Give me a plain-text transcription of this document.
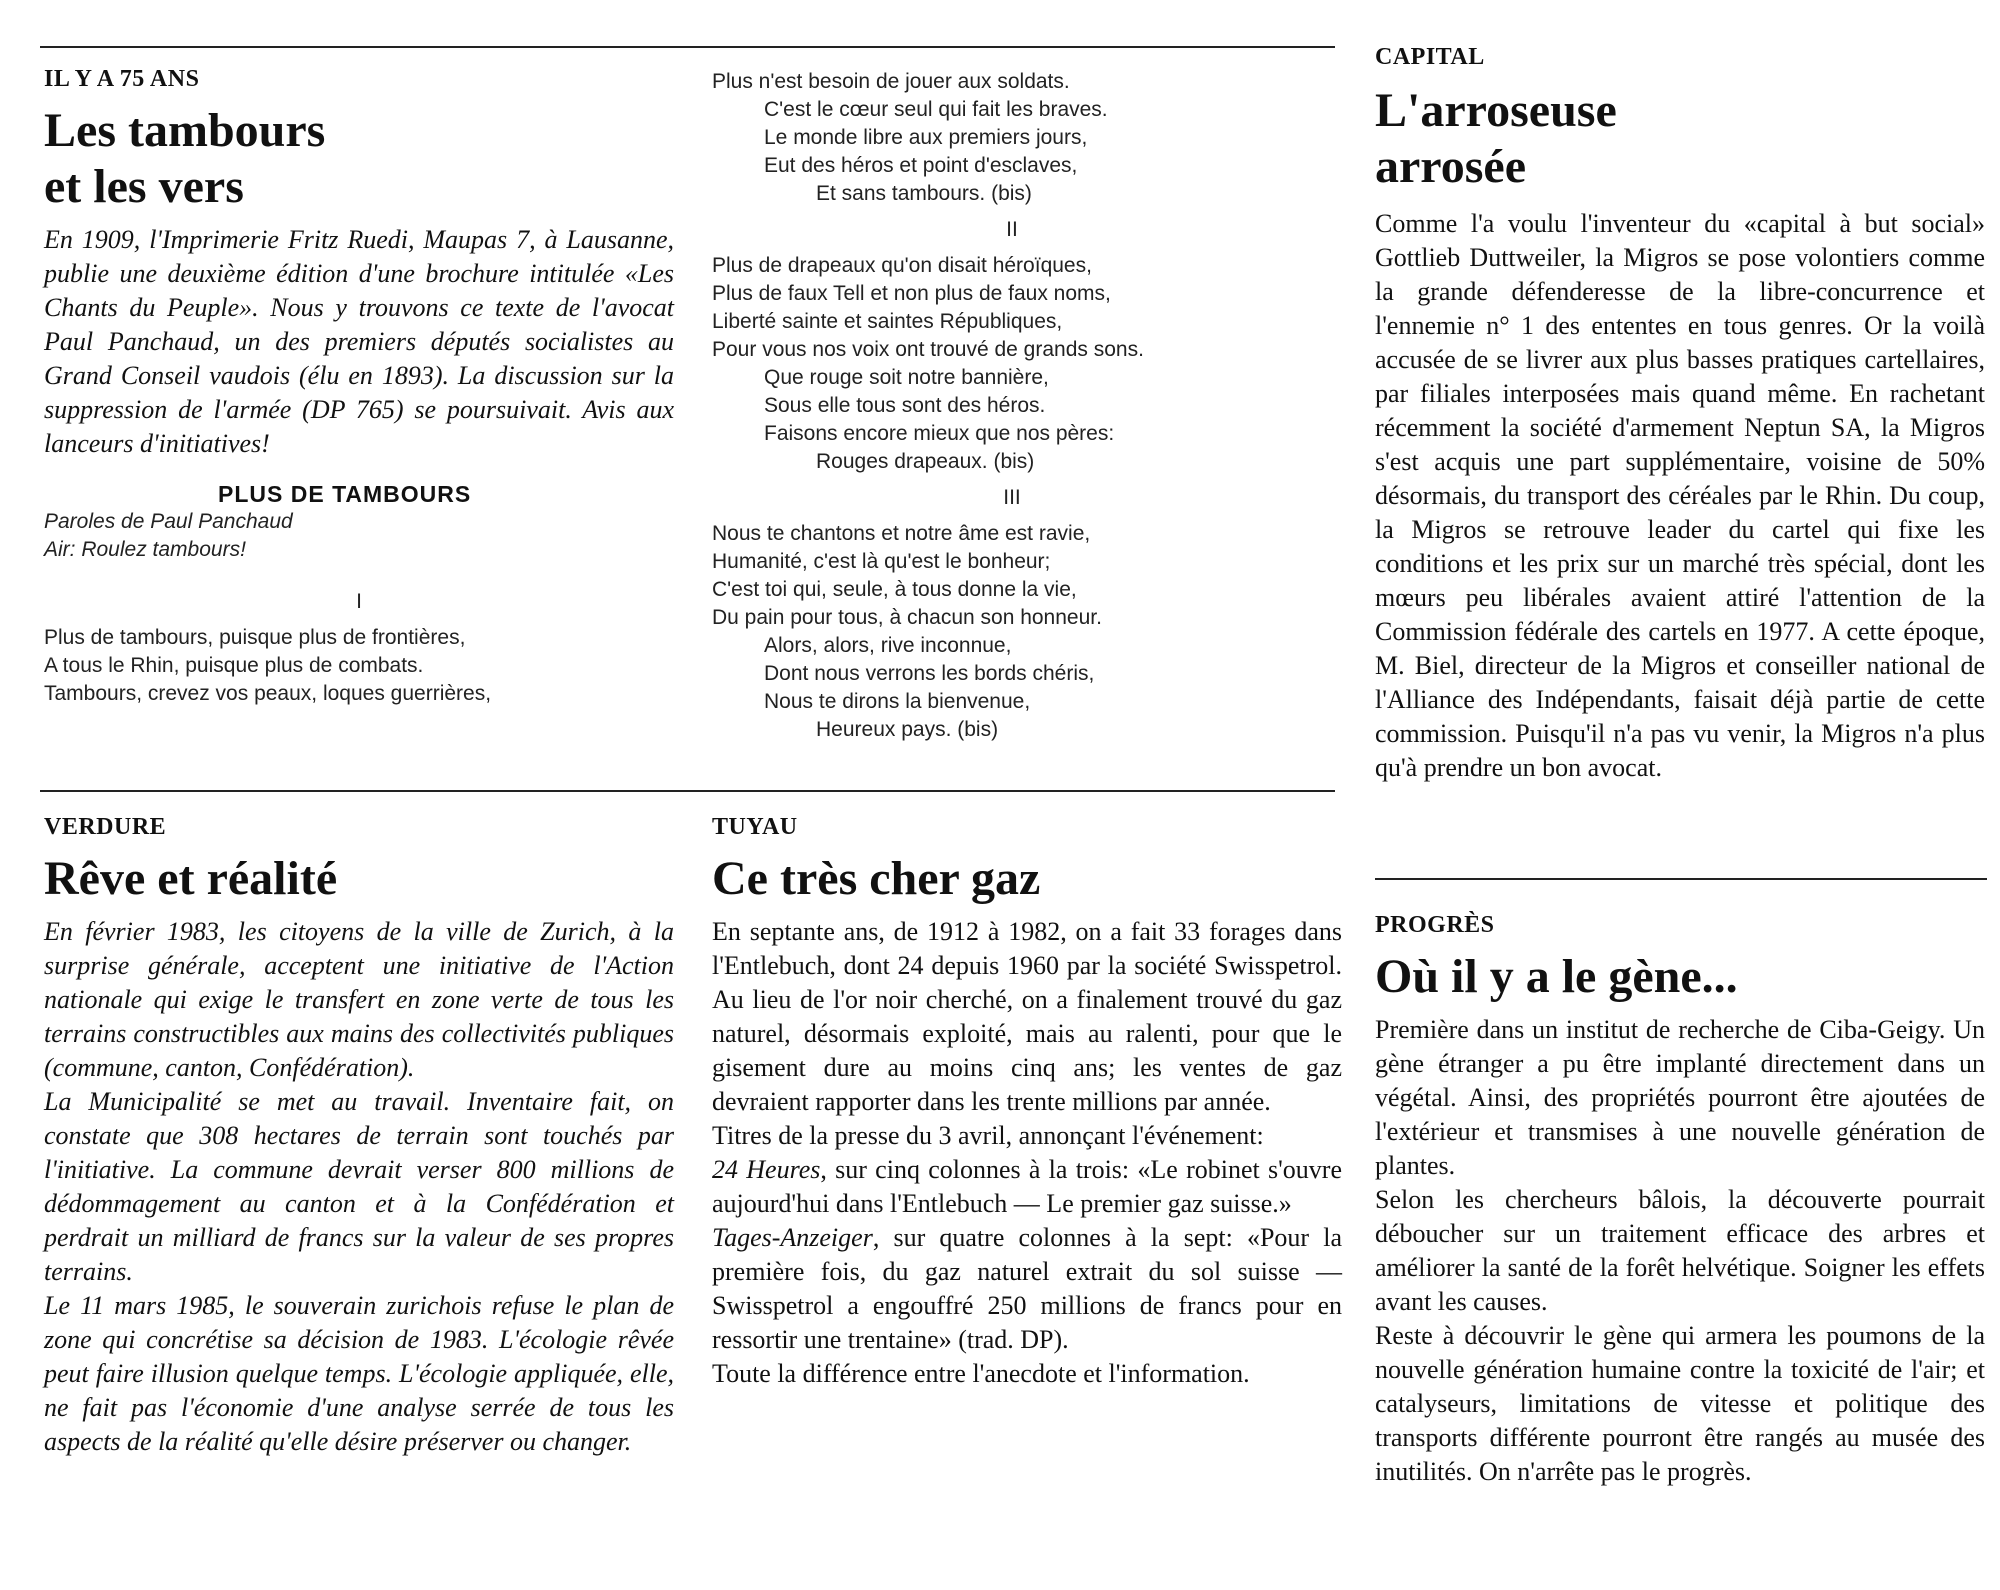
IL Y A 75 ANS

Les tambours
et les vers

En 1909, l'Imprimerie Fritz Ruedi, Maupas 7, à Lausanne, publie une deuxième édition d'une brochure intitulée «Les Chants du Peuple». Nous y trouvons ce texte de l'avocat Paul Panchaud, un des premiers députés socialistes au Grand Conseil vaudois (élu en 1893). La discussion sur la suppression de l'armée (DP 765) se poursuivait. Avis aux lanceurs d'initiatives!

PLUS DE TAMBOURS
Paroles de Paul Panchaud
Air: Roulez tambours!
I
Plus de tambours, puisque plus de frontières,
A tous le Rhin, puisque plus de combats.
Tambours, crevez vos peaux, loques guerrières,
Plus n'est besoin de jouer aux soldats.
C'est le cœur seul qui fait les braves.
Le monde libre aux premiers jours,
Eut des héros et point d'esclaves,
Et sans tambours. (bis)
II
Plus de drapeaux qu'on disait héroïques,
Plus de faux Tell et non plus de faux noms,
Liberté sainte et saintes Républiques,
Pour vous nos voix ont trouvé de grands sons.
Que rouge soit notre bannière,
Sous elle tous sont des héros.
Faisons encore mieux que nos pères:
Rouges drapeaux. (bis)
III
Nous te chantons et notre âme est ravie,
Humanité, c'est là qu'est le bonheur;
C'est toi qui, seule, à tous donne la vie,
Du pain pour tous, à chacun son honneur.
Alors, alors, rive inconnue,
Dont nous verrons les bords chéris,
Nous te dirons la bienvenue,
Heureux pays. (bis)

CAPITAL

L'arroseuse
arrosée

Comme l'a voulu l'inventeur du «capital à but social» Gottlieb Duttweiler, la Migros se pose volontiers comme la grande défenderesse de la libre-concurrence et l'ennemie n° 1 des ententes en tous genres. Or la voilà accusée de se livrer aux plus basses pratiques cartellaires, par filiales interposées mais quand même. En rachetant récemment la société d'armement Neptun SA, la Migros s'est acquis une part supplémentaire, voisine de 50% désormais, du transport des céréales par le Rhin. Du coup, la Migros se retrouve leader du cartel qui fixe les conditions et les prix sur un marché très spécial, dont les mœurs peu libérales avaient attiré l'attention de la Commission fédérale des cartels en 1977. A cette époque, M. Biel, directeur de la Migros et conseiller national de l'Alliance des Indépendants, faisait déjà partie de cette commission. Puisqu'il n'a pas vu venir, la Migros n'a plus qu'à prendre un bon avocat.

VERDURE

Rêve et réalité

En février 1983, les citoyens de la ville de Zurich, à la surprise générale, acceptent une initiative de l'Action nationale qui exige le transfert en zone verte de tous les terrains constructibles aux mains des collectivités publiques (commune, canton, Confédération).

La Municipalité se met au travail. Inventaire fait, on constate que 308 hectares de terrain sont touchés par l'initiative. La commune devrait verser 800 millions de dédommagement au canton et à la Confédération et perdrait un milliard de francs sur la valeur de ses propres terrains.

Le 11 mars 1985, le souverain zurichois refuse le plan de zone qui concrétise sa décision de 1983. L'écologie rêvée peut faire illusion quelque temps. L'écologie appliquée, elle, ne fait pas l'économie d'une analyse serrée de tous les aspects de la réalité qu'elle désire préserver ou changer.

TUYAU

Ce très cher gaz

En septante ans, de 1912 à 1982, on a fait 33 forages dans l'Entlebuch, dont 24 depuis 1960 par la société Swisspetrol. Au lieu de l'or noir cherché, on a finalement trouvé du gaz naturel, désormais exploité, mais au ralenti, pour que le gisement dure au moins cinq ans; les ventes de gaz devraient rapporter dans les trente millions par année.

Titres de la presse du 3 avril, annonçant l'événement:

24 Heures, sur cinq colonnes à la trois: «Le robinet s'ouvre aujourd'hui dans l'Entlebuch — Le premier gaz suisse.»

Tages-Anzeiger, sur quatre colonnes à la sept: «Pour la première fois, du gaz naturel extrait du sol suisse — Swisspetrol a engouffré 250 millions de francs pour en ressortir une trentaine» (trad. DP).

Toute la différence entre l'anecdote et l'information.

PROGRÈS

Où il y a le gène...

Première dans un institut de recherche de Ciba-Geigy. Un gène étranger a pu être implanté directement dans un végétal. Ainsi, des propriétés pourront être ajoutées de l'extérieur et transmises à une nouvelle génération de plantes.

Selon les chercheurs bâlois, la découverte pourrait déboucher sur un traitement efficace des arbres et améliorer la santé de la forêt helvétique. Soigner les effets avant les causes.

Reste à découvrir le gène qui armera les poumons de la nouvelle génération humaine contre la toxicité de l'air; et catalyseurs, limitations de vitesse et politique des transports différente pourront être rangés au musée des inutilités. On n'arrête pas le progrès.
